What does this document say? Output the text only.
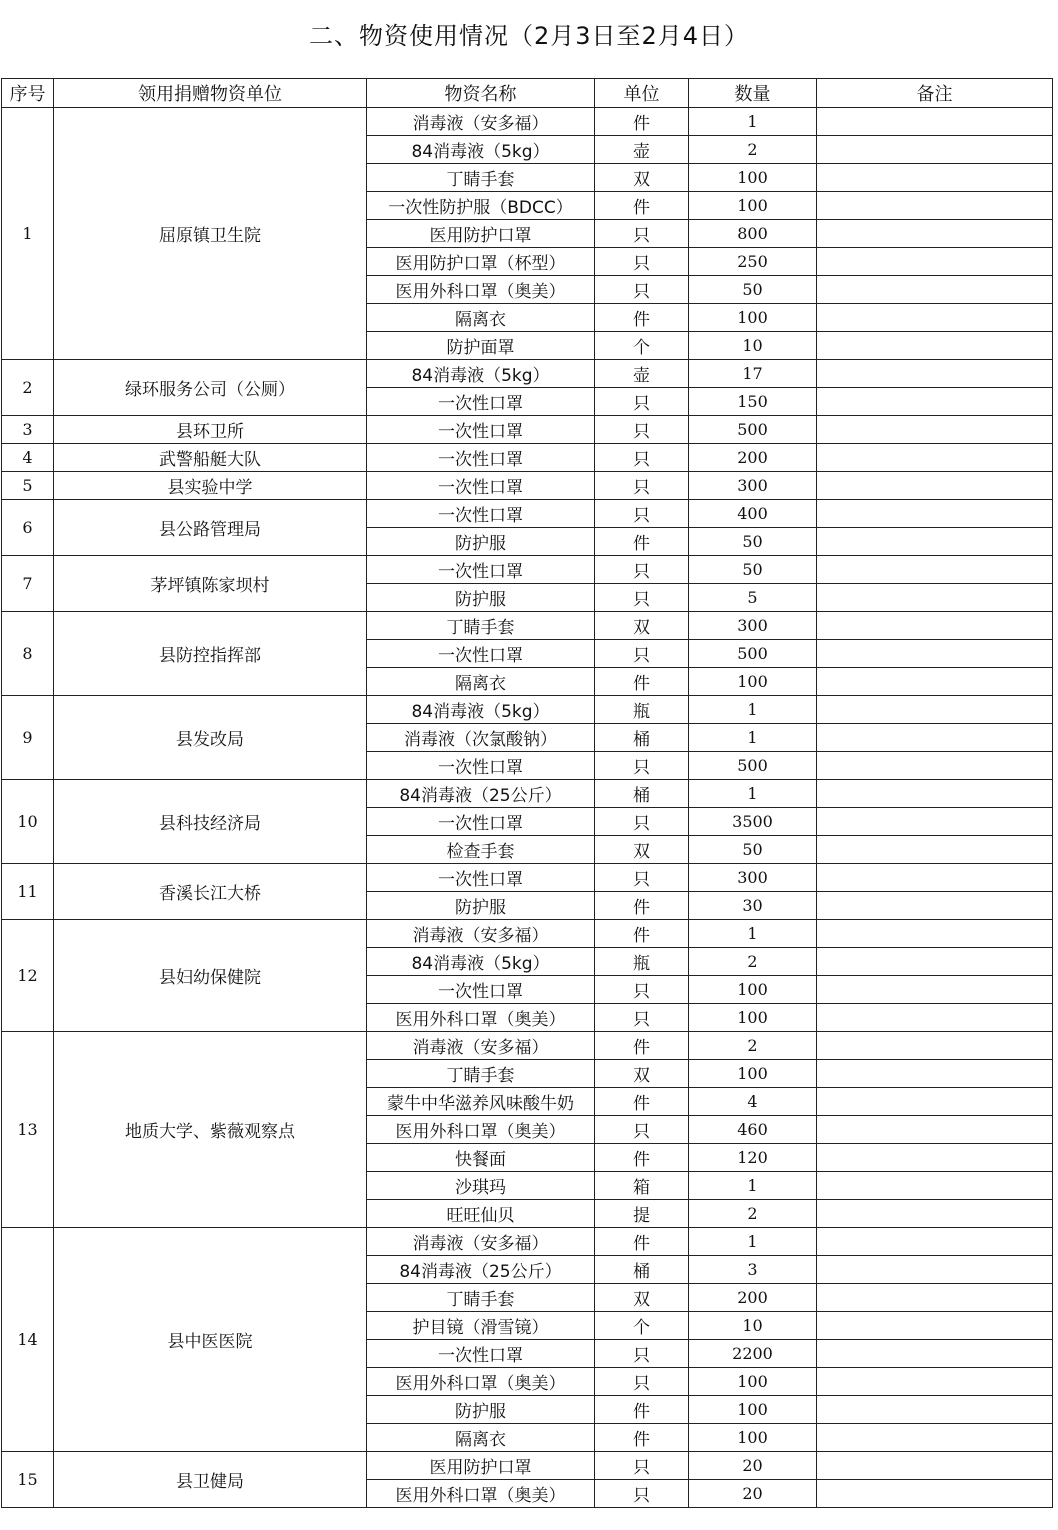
二、物资使用情况（2月3日至2月4日）
序号	领用捐赠物资单位	物资名称	单位	数量	备注
1	屈原镇卫生院	消毒液（安多福）	件	1	
		84消毒液（5kg）	壶	2	
		丁睛手套	双	100	
		一次性防护服（BDCC）	件	100	
		医用防护口罩	只	800	
		医用防护口罩（杯型）	只	250	
		医用外科口罩（奥美）	只	50	
		隔离衣	件	100	
		防护面罩	个	10	
2	绿环服务公司（公厕）	84消毒液（5kg）	壶	17	
		一次性口罩	只	150	
3	县环卫所	一次性口罩	只	500	
4	武警船艇大队	一次性口罩	只	200	
5	县实验中学	一次性口罩	只	300	
6	县公路管理局	一次性口罩	只	400	
		防护服	件	50	
7	茅坪镇陈家坝村	一次性口罩	只	50	
		防护服	只	5	
8	县防控指挥部	丁睛手套	双	300	
		一次性口罩	只	500	
		隔离衣	件	100	
9	县发改局	84消毒液（5kg）	瓶	1	
		消毒液（次氯酸钠）	桶	1	
		一次性口罩	只	500	
10	县科技经济局	84消毒液（25公斤）	桶	1	
		一次性口罩	只	3500	
		检查手套	双	50	
11	香溪长江大桥	一次性口罩	只	300	
		防护服	件	30	
12	县妇幼保健院	消毒液（安多福）	件	1	
		84消毒液（5kg）	瓶	2	
		一次性口罩	只	100	
		医用外科口罩（奥美）	只	100	
13	地质大学、紫薇观察点	消毒液（安多福）	件	2	
		丁睛手套	双	100	
		蒙牛中华滋养风味酸牛奶	件	4	
		医用外科口罩（奥美）	只	460	
		快餐面	件	120	
		沙琪玛	箱	1	
		旺旺仙贝	提	2	
14	县中医医院	消毒液（安多福）	件	1	
		84消毒液（25公斤）	桶	3	
		丁睛手套	双	200	
		护目镜（滑雪镜）	个	10	
		一次性口罩	只	2200	
		医用外科口罩（奥美）	只	100	
		防护服	件	100	
		隔离衣	件	100	
15	县卫健局	医用防护口罩	只	20	
		医用外科口罩（奥美）	只	20	
